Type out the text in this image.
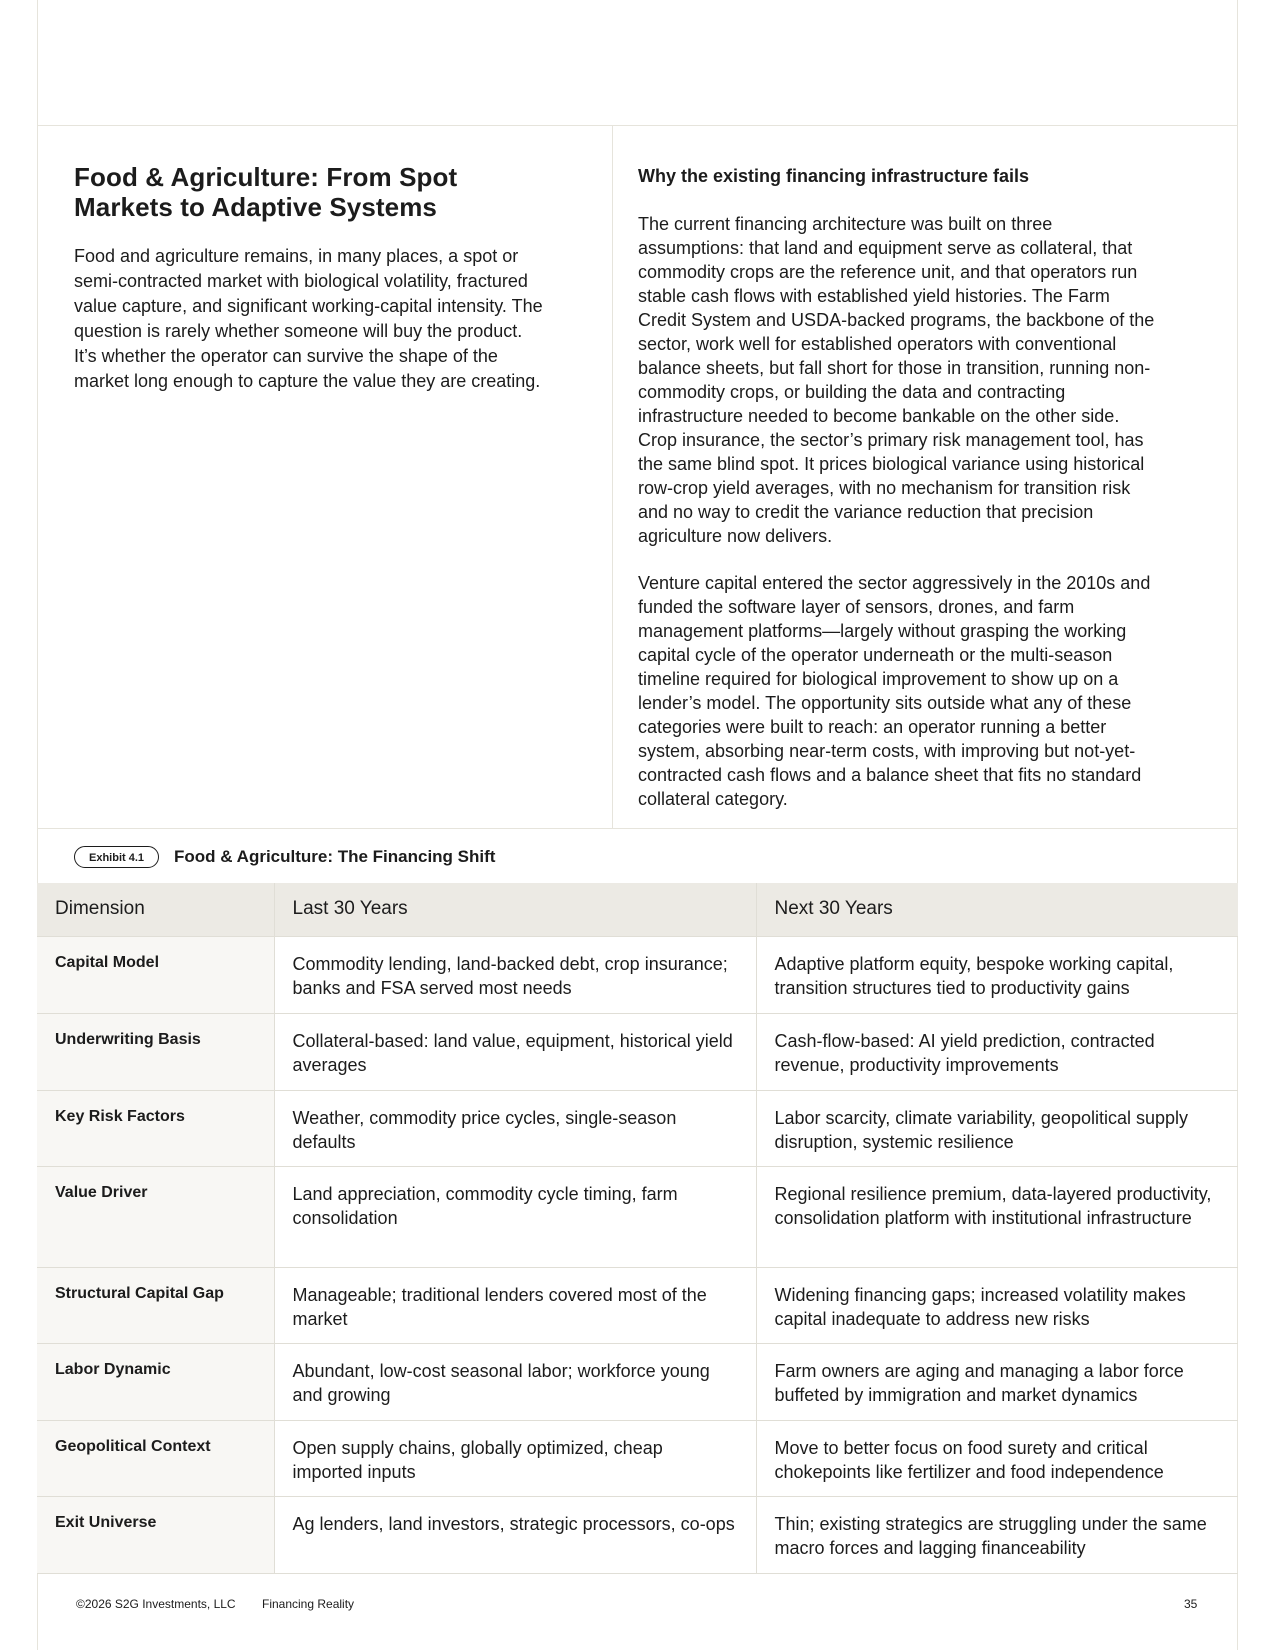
Food & Agriculture: From Spot Markets to Adaptive Systems

Food and agriculture remains, in many places, a spot or semi-contracted market with biological volatility, fractured value capture, and significant working-capital intensity. The question is rarely whether someone will buy the product. It’s whether the operator can survive the shape of the market long enough to capture the value they are creating.

Why the existing financing infrastructure fails

The current financing architecture was built on three assumptions: that land and equipment serve as collateral, that commodity crops are the reference unit, and that operators run stable cash flows with established yield histories. The Farm Credit System and USDA-backed programs, the backbone of the sector, work well for established operators with conventional balance sheets, but fall short for those in transition, running non-commodity crops, or building the data and contracting infrastructure needed to become bankable on the other side. Crop insurance, the sector’s primary risk management tool, has the same blind spot. It prices biological variance using historical row-crop yield averages, with no mechanism for transition risk and no way to credit the variance reduction that precision agriculture now delivers.

Venture capital entered the sector aggressively in the 2010s and funded the software layer of sensors, drones, and farm management platforms—largely without grasping the working capital cycle of the operator underneath or the multi-season timeline required for biological improvement to show up on a lender’s model. The opportunity sits outside what any of these categories were built to reach: an operator running a better system, absorbing near-term costs, with improving but not-yet-contracted cash flows and a balance sheet that fits no standard collateral category.

Exhibit 4.1	Food & Agriculture: The Financing Shift
Dimension	Last 30 Years	Next 30 Years
Capital Model	Commodity lending, land-backed debt, crop insurance; banks and FSA served most needs	Adaptive platform equity, bespoke working capital, transition structures tied to productivity gains
Underwriting Basis	Collateral-based: land value, equipment, historical yield averages	Cash-flow-based: AI yield prediction, contracted revenue, productivity improvements
Key Risk Factors	Weather, commodity price cycles, single-season defaults	Labor scarcity, climate variability, geopolitical supply disruption, systemic resilience
Value Driver	Land appreciation, commodity cycle timing, farm consolidation	Regional resilience premium, data-layered productivity, consolidation platform with institutional infrastructure
Structural Capital Gap	Manageable; traditional lenders covered most of the market	Widening financing gaps; increased volatility makes capital inadequate to address new risks
Labor Dynamic	Abundant, low-cost seasonal labor; workforce young and growing	Farm owners are aging and managing a labor force buffeted by immigration and market dynamics
Geopolitical Context	Open supply chains, globally optimized, cheap imported inputs	Move to better focus on food surety and critical chokepoints like fertilizer and food independence
Exit Universe	Ag lenders, land investors, strategic processors, co-ops	Thin; existing strategics are struggling under the same macro forces and lagging financeability
©2026 S2G Investments, LLC Financing Reality	35
